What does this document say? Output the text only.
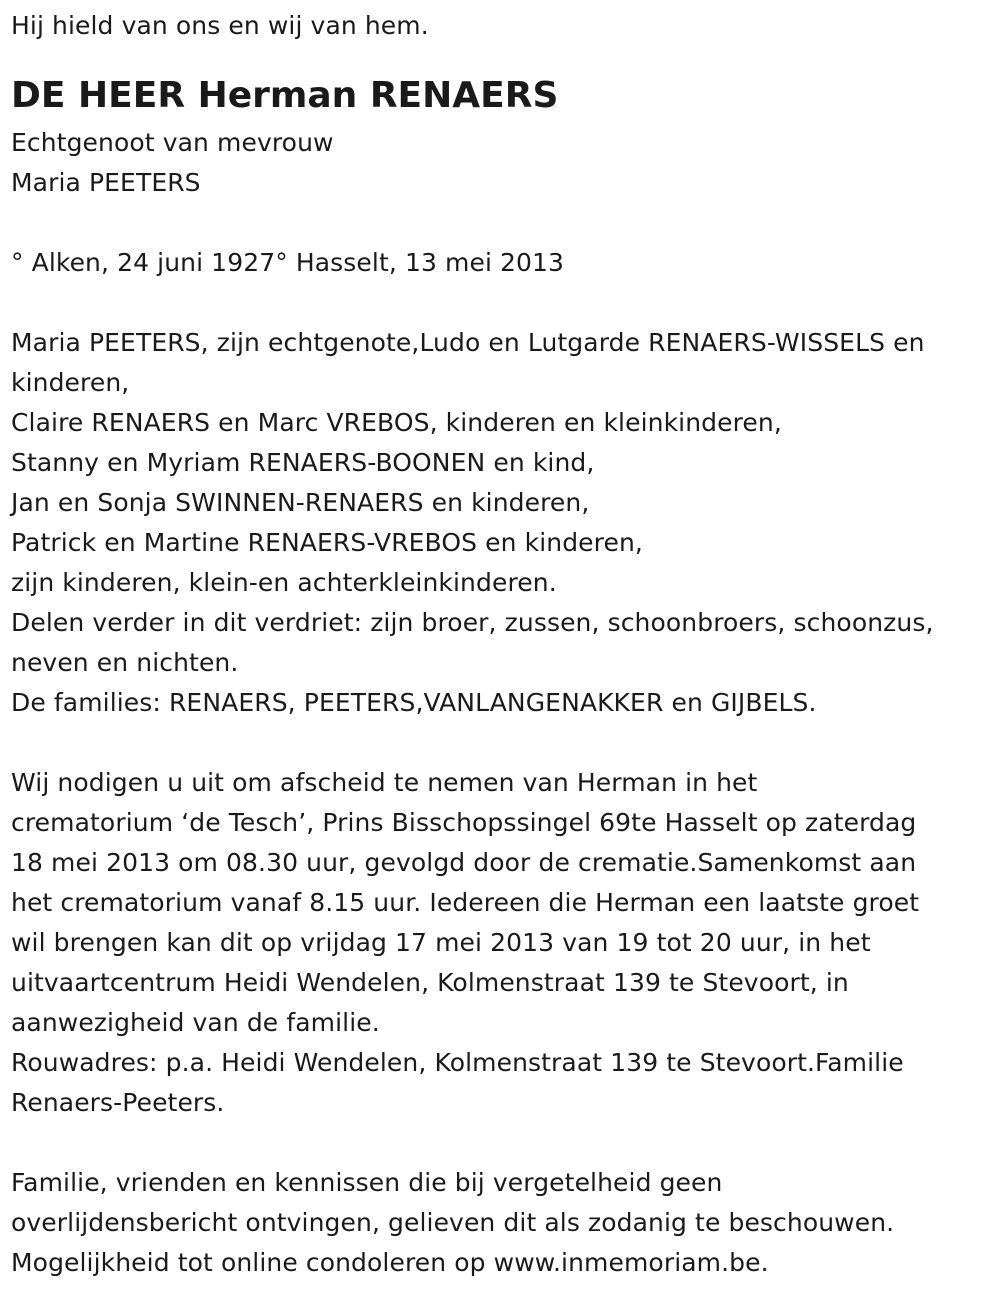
Hij hield van ons en wij van hem.
DE HEER Herman RENAERS
Echtgenoot van mevrouw
Maria PEETERS
° Alken, 24 juni 1927° Hasselt, 13 mei 2013
Maria PEETERS, zijn echtgenote,Ludo en Lutgarde RENAERS-WISSELS en
kinderen,
Claire RENAERS en Marc VREBOS, kinderen en kleinkinderen,
Stanny en Myriam RENAERS-BOONEN en kind,
Jan en Sonja SWINNEN-RENAERS en kinderen,
Patrick en Martine RENAERS-VREBOS en kinderen,
zijn kinderen, klein-en achterkleinkinderen.
Delen verder in dit verdriet: zijn broer, zussen, schoonbroers, schoonzus,
neven en nichten.
De families: RENAERS, PEETERS,VANLANGENAKKER en GIJBELS.
Wij nodigen u uit om afscheid te nemen van Herman in het
crematorium ‘de Tesch’, Prins Bisschopssingel 69te Hasselt op zaterdag
18 mei 2013 om 08.30 uur, gevolgd door de crematie.Samenkomst aan
het crematorium vanaf 8.15 uur. Iedereen die Herman een laatste groet
wil brengen kan dit op vrijdag 17 mei 2013 van 19 tot 20 uur, in het
uitvaartcentrum Heidi Wendelen, Kolmenstraat 139 te Stevoort, in
aanwezigheid van de familie.
Rouwadres: p.a. Heidi Wendelen, Kolmenstraat 139 te Stevoort.Familie
Renaers-Peeters.
Familie, vrienden en kennissen die bij vergetelheid geen
overlijdensbericht ontvingen, gelieven dit als zodanig te beschouwen.
Mogelijkheid tot online condoleren op www.inmemoriam.be.
